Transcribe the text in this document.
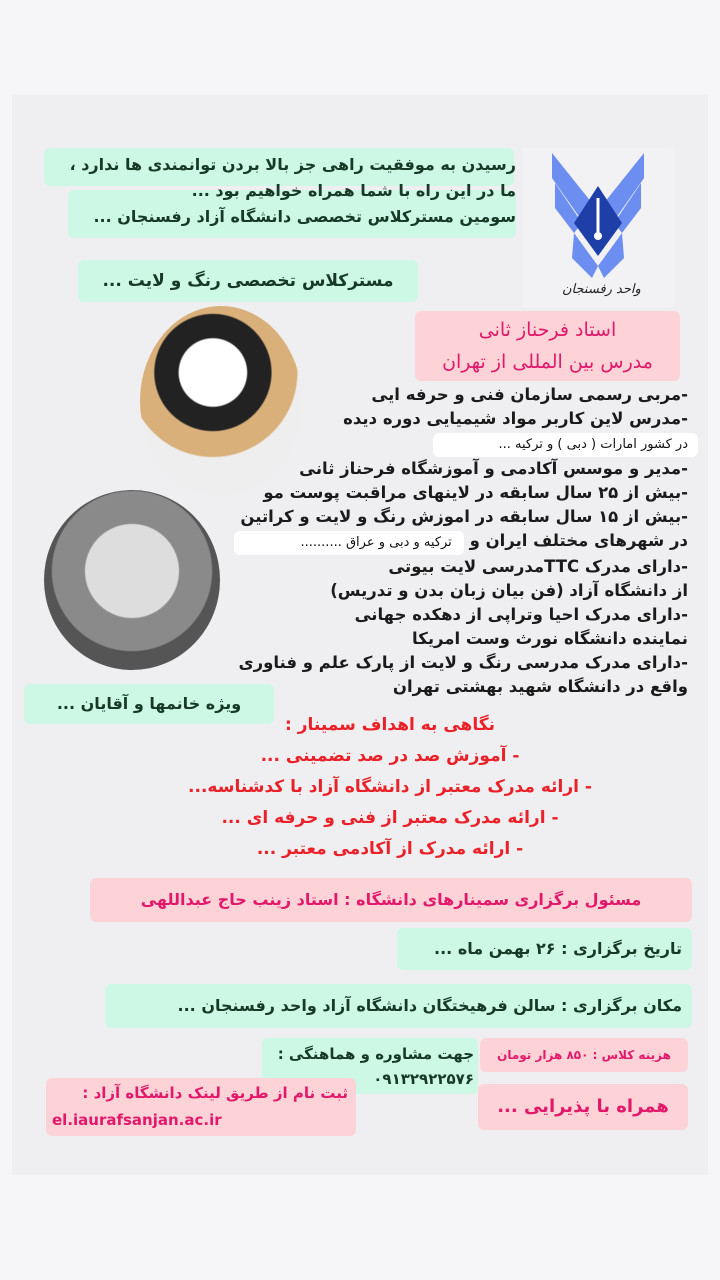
واحد رفسنجان
رسیدن به موفقیت راهی جز بالا بردن توانمندی ها ندارد ،
ما در این راه با شما همراه خواهیم بود ...
سومین مسترکلاس تخصصی دانشگاه آزاد رفسنجان ...
مسترکلاس تخصصی رنگ و لایت ...
استاد فرحناز ثانی
مدرس بین المللی از تهران
-مربی رسمی سازمان فنی و حرفه ایی
-مدرس لاین کاربر مواد شیمیایی دوره دیده
در کشور امارات ( دبی ) و ترکیه ...
-مدیر و موسس آکادمی و آموزشگاه فرحناز ثانی
-بیش از ۲۵ سال سابقه در لاینهای مراقبت پوست مو
-بیش از ۱۵ سال سابقه در اموزش رنگ و لایت و کراتین
در شهرهای مختلف ایران و ترکیه و دبی و عراق ..........
-دارای مدرک TTCمدرسی لایت بیوتی
از دانشگاه آزاد (فن بیان زبان بدن و تدریس)
-دارای مدرک احیا وتراپی از دهکده جهانی
نماینده دانشگاه نورث وست امریکا
-دارای مدرک مدرسی رنگ و لایت از پارک علم و فناوری
واقع در دانشگاه شهید بهشتی تهران
ویژه خانمها و آقایان ...
نگاهی به اهداف سمینار :
- آموزش صد در صد تضمینی ...
- ارائه مدرک معتبر از دانشگاه آزاد با کدشناسه...
- ارائه مدرک معتبر از فنی و حرفه ای ...
- ارائه مدرک از آکادمی معتبر ...
مسئول برگزاری سمینارهای دانشگاه : استاد زینب حاج عبداللهی
تاریخ برگزاری : ۲۶ بهمن ماه ...
مکان برگزاری : سالن فرهیختگان دانشگاه آزاد واحد رفسنجان ...
هزینه کلاس : ۸۵۰ هزار تومان
جهت مشاوره و هماهنگی :
۰۹۱۳۲۹۲۲۵۷۶
همراه با پذیرایی ...
ثبت نام از طریق لینک دانشگاه آزاد :
el.iaurafsanjan.ac.ir
